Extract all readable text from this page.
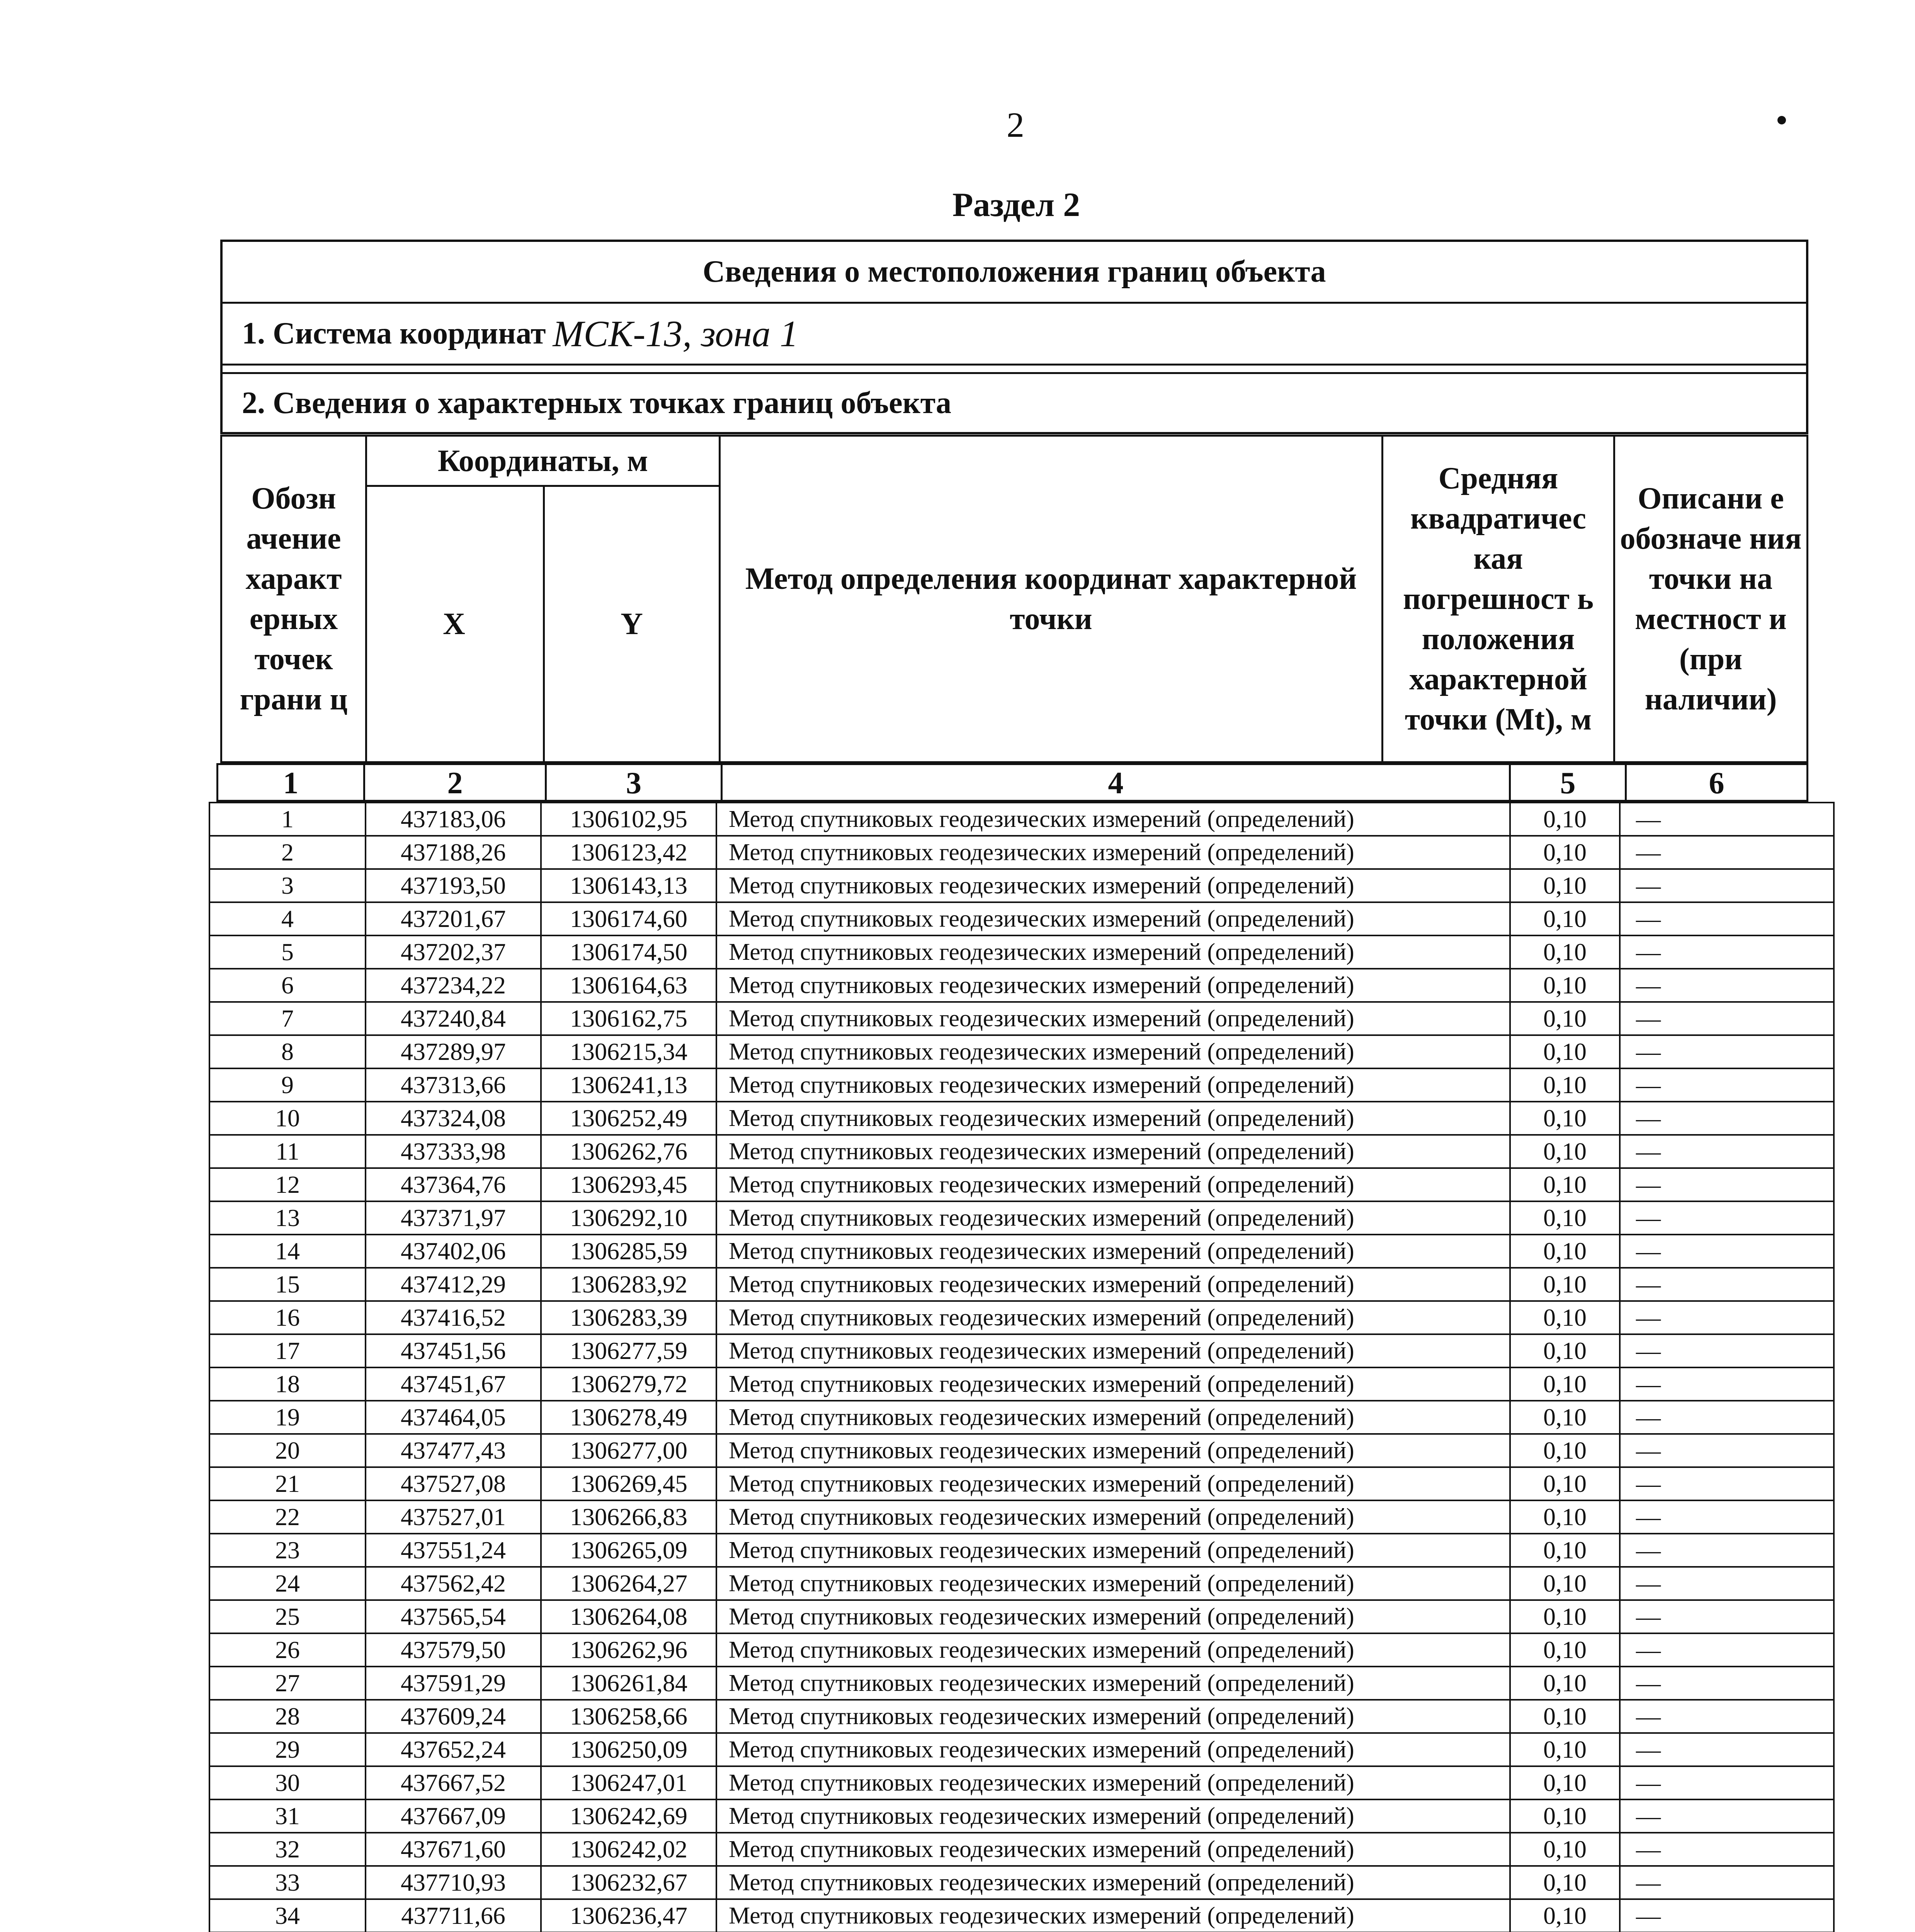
2
Раздел 2
Сведения о местоположения границ объекта
1. Система координат МСК-13, зона 1
2. Сведения о характерных точках границ объекта
Обозн ачение характ ерных точек грани ц
Координаты, м
X	Y
Метод определения координат характерной точки
Средняя квадратичес кая погрешност ь положения характерной точки (Mt), м
Описани е обозначе ния точки на местност и (при наличии)
1	2	3	4	5	6
1	437183,06	1306102,95	Метод спутниковых геодезических измерений (определений)	0,10	—
2	437188,26	1306123,42	Метод спутниковых геодезических измерений (определений)	0,10	—
3	437193,50	1306143,13	Метод спутниковых геодезических измерений (определений)	0,10	—
4	437201,67	1306174,60	Метод спутниковых геодезических измерений (определений)	0,10	—
5	437202,37	1306174,50	Метод спутниковых геодезических измерений (определений)	0,10	—
6	437234,22	1306164,63	Метод спутниковых геодезических измерений (определений)	0,10	—
7	437240,84	1306162,75	Метод спутниковых геодезических измерений (определений)	0,10	—
8	437289,97	1306215,34	Метод спутниковых геодезических измерений (определений)	0,10	—
9	437313,66	1306241,13	Метод спутниковых геодезических измерений (определений)	0,10	—
10	437324,08	1306252,49	Метод спутниковых геодезических измерений (определений)	0,10	—
11	437333,98	1306262,76	Метод спутниковых геодезических измерений (определений)	0,10	—
12	437364,76	1306293,45	Метод спутниковых геодезических измерений (определений)	0,10	—
13	437371,97	1306292,10	Метод спутниковых геодезических измерений (определений)	0,10	—
14	437402,06	1306285,59	Метод спутниковых геодезических измерений (определений)	0,10	—
15	437412,29	1306283,92	Метод спутниковых геодезических измерений (определений)	0,10	—
16	437416,52	1306283,39	Метод спутниковых геодезических измерений (определений)	0,10	—
17	437451,56	1306277,59	Метод спутниковых геодезических измерений (определений)	0,10	—
18	437451,67	1306279,72	Метод спутниковых геодезических измерений (определений)	0,10	—
19	437464,05	1306278,49	Метод спутниковых геодезических измерений (определений)	0,10	—
20	437477,43	1306277,00	Метод спутниковых геодезических измерений (определений)	0,10	—
21	437527,08	1306269,45	Метод спутниковых геодезических измерений (определений)	0,10	—
22	437527,01	1306266,83	Метод спутниковых геодезических измерений (определений)	0,10	—
23	437551,24	1306265,09	Метод спутниковых геодезических измерений (определений)	0,10	—
24	437562,42	1306264,27	Метод спутниковых геодезических измерений (определений)	0,10	—
25	437565,54	1306264,08	Метод спутниковых геодезических измерений (определений)	0,10	—
26	437579,50	1306262,96	Метод спутниковых геодезических измерений (определений)	0,10	—
27	437591,29	1306261,84	Метод спутниковых геодезических измерений (определений)	0,10	—
28	437609,24	1306258,66	Метод спутниковых геодезических измерений (определений)	0,10	—
29	437652,24	1306250,09	Метод спутниковых геодезических измерений (определений)	0,10	—
30	437667,52	1306247,01	Метод спутниковых геодезических измерений (определений)	0,10	—
31	437667,09	1306242,69	Метод спутниковых геодезических измерений (определений)	0,10	—
32	437671,60	1306242,02	Метод спутниковых геодезических измерений (определений)	0,10	—
33	437710,93	1306232,67	Метод спутниковых геодезических измерений (определений)	0,10	—
34	437711,66	1306236,47	Метод спутниковых геодезических измерений (определений)	0,10	—
